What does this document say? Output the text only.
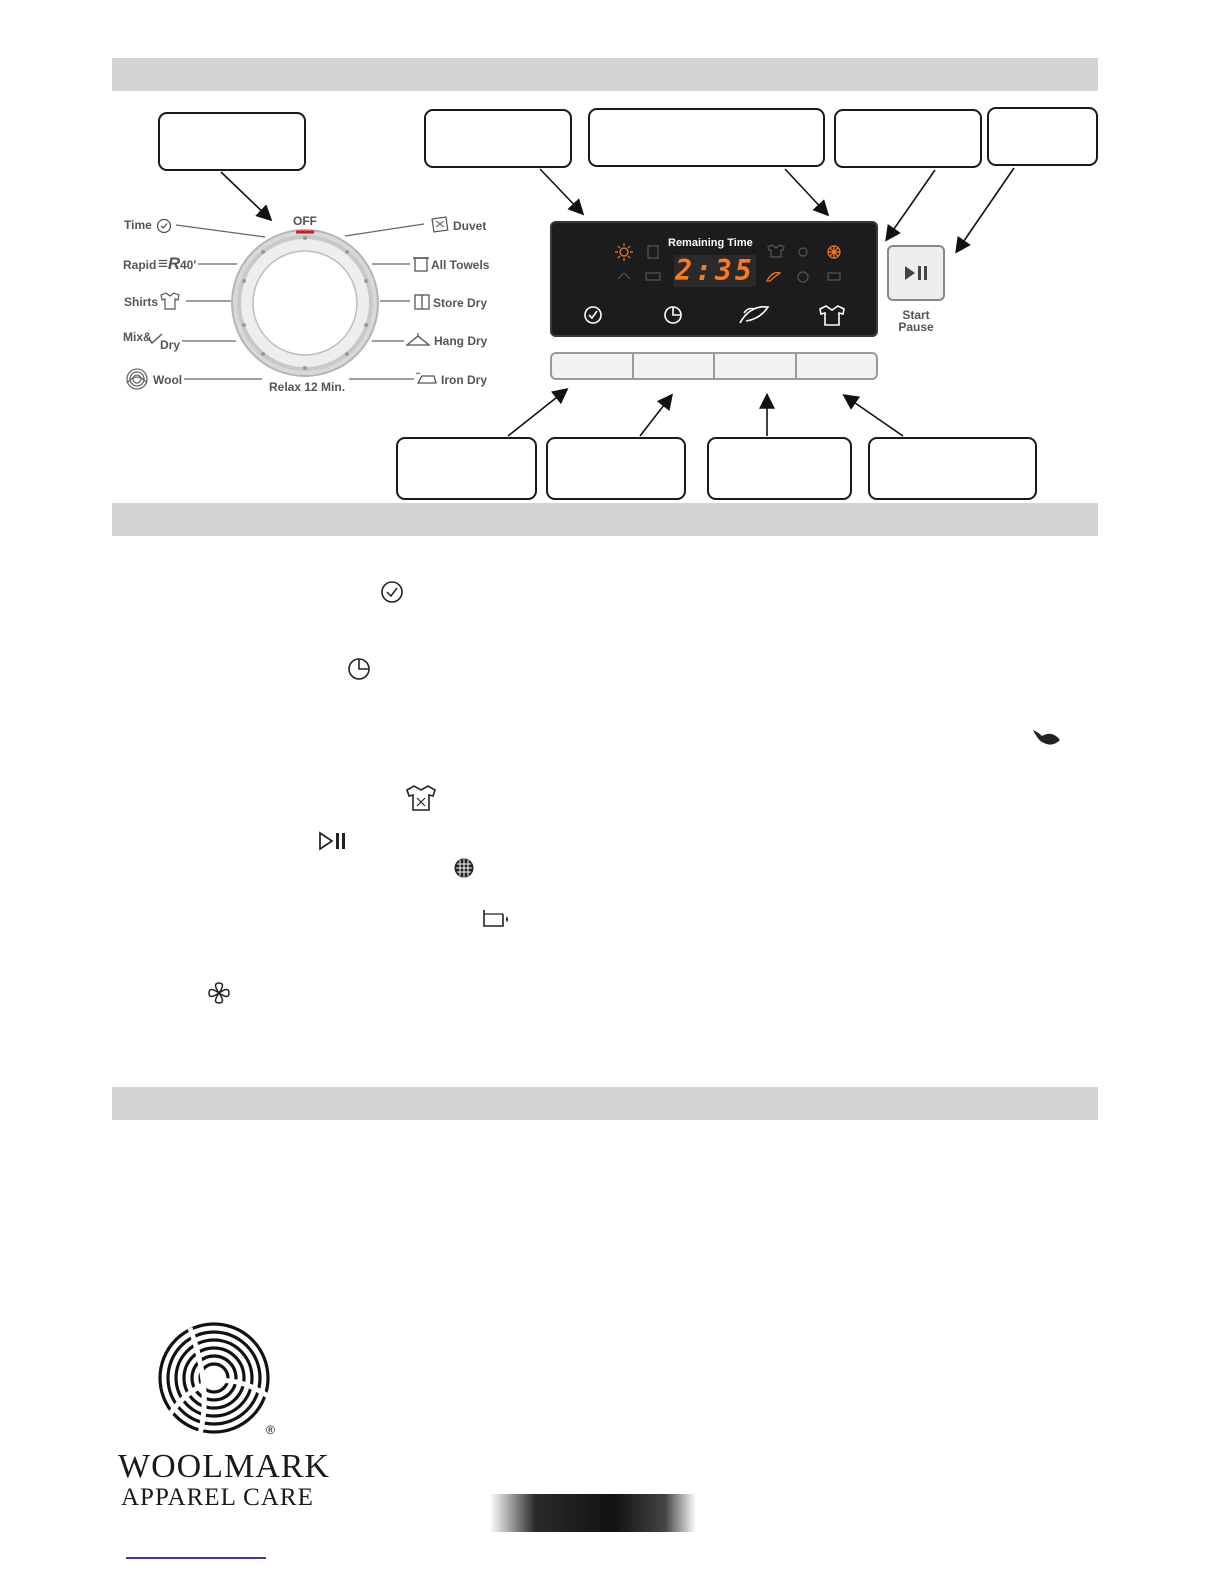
OFF
Relax 12 Min.
Time
Rapid ≡R 40'
Shirts
Mix&
Dry
Wool
Duvet
All Towels
Store Dry
Hang Dry
Iron Dry
Remaining Time
2:35
Start
Pause
®
WOOLMARK
APPAREL CARE
